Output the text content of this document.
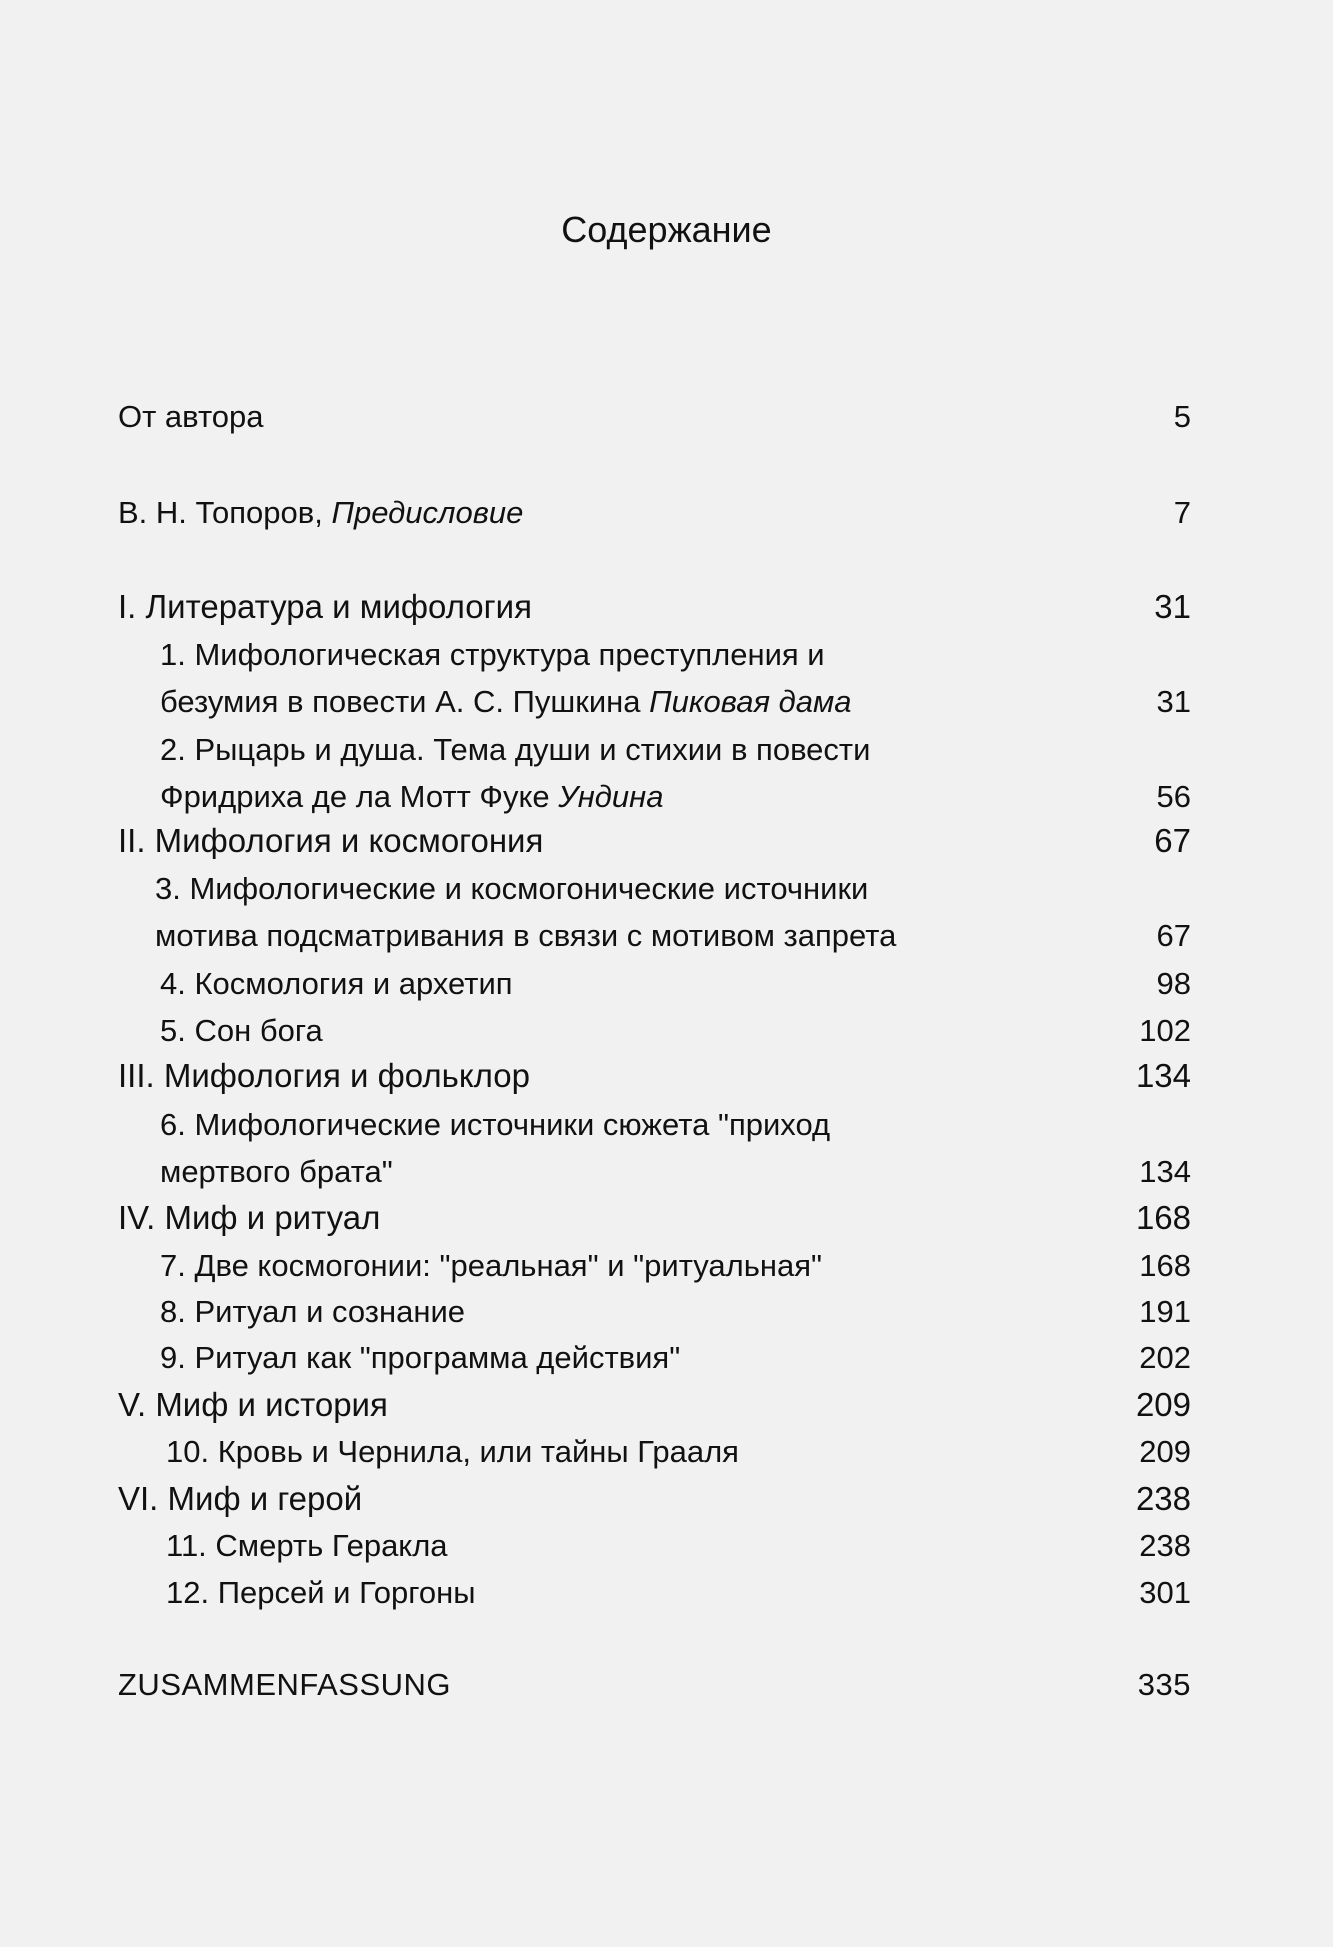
Содержание
От автора	5
В. Н. Топоров, Предисловие	7
I. Литература и мифология	31
1. Мифологическая структура преступления и
безумия в повести А. С. Пушкина Пиковая дама	31
2. Рыцарь и душа. Тема души и стихии в повести
Фридриха де ла Мотт Фуке Ундина	56
II. Мифология и космогония	67
3. Мифологические и космогонические источники
мотива подсматривания в связи с мотивом запрета	67
4. Космология и архетип	98
5. Сон бога	102
III. Мифология и фольклор	134
6. Мифологические источники сюжета "приход
мертвого брата"	134
IV. Миф и ритуал	168
7. Две космогонии: "реальная" и "ритуальная"	168
8. Ритуал и сознание	191
9. Ритуал как "программа действия"	202
V. Миф и история	209
10. Кровь и Чернила, или тайны Грааля	209
VI. Миф и герой	238
11. Смерть Геракла	238
12. Персей и Горгоны	301
ZUSAMMENFASSUNG	335
